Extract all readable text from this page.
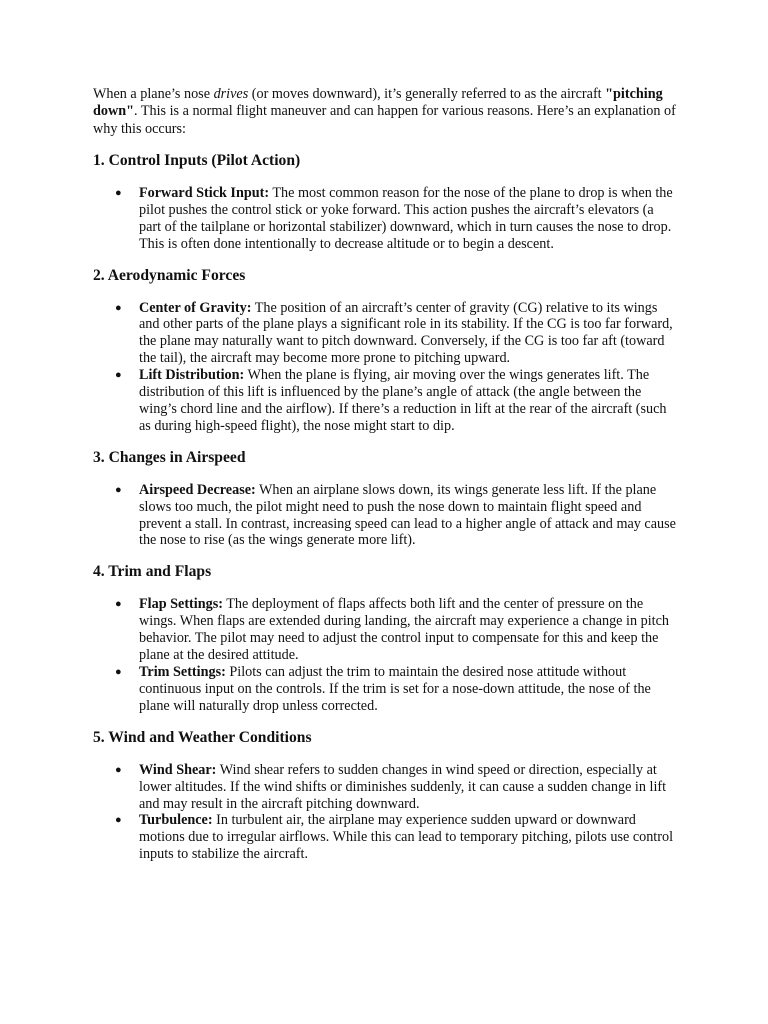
When a plane’s nose drives (or moves downward), it’s generally referred to as the aircraft "pitching down". This is a normal flight maneuver and can happen for various reasons. Here’s an explanation of why this occurs:

1. Control Inputs (Pilot Action)
● Forward Stick Input: The most common reason for the nose of the plane to drop is when the pilot pushes the control stick or yoke forward. This action pushes the aircraft’s elevators (a part of the tailplane or horizontal stabilizer) downward, which in turn causes the nose to drop. This is often done intentionally to decrease altitude or to begin a descent.
2. Aerodynamic Forces
● Center of Gravity: The position of an aircraft’s center of gravity (CG) relative to its wings and other parts of the plane plays a significant role in its stability. If the CG is too far forward, the plane may naturally want to pitch downward. Conversely, if the CG is too far aft (toward the tail), the aircraft may become more prone to pitching upward.
● Lift Distribution: When the plane is flying, air moving over the wings generates lift. The distribution of this lift is influenced by the plane’s angle of attack (the angle between the wing’s chord line and the airflow). If there’s a reduction in lift at the rear of the aircraft (such as during high-speed flight), the nose might start to dip.
3. Changes in Airspeed
● Airspeed Decrease: When an airplane slows down, its wings generate less lift. If the plane slows too much, the pilot might need to push the nose down to maintain flight speed and prevent a stall. In contrast, increasing speed can lead to a higher angle of attack and may cause the nose to rise (as the wings generate more lift).
4. Trim and Flaps
● Flap Settings: The deployment of flaps affects both lift and the center of pressure on the wings. When flaps are extended during landing, the aircraft may experience a change in pitch behavior. The pilot may need to adjust the control input to compensate for this and keep the plane at the desired attitude.
● Trim Settings: Pilots can adjust the trim to maintain the desired nose attitude without continuous input on the controls. If the trim is set for a nose-down attitude, the nose of the plane will naturally drop unless corrected.
5. Wind and Weather Conditions
● Wind Shear: Wind shear refers to sudden changes in wind speed or direction, especially at lower altitudes. If the wind shifts or diminishes suddenly, it can cause a sudden change in lift and may result in the aircraft pitching downward.
● Turbulence: In turbulent air, the airplane may experience sudden upward or downward motions due to irregular airflows. While this can lead to temporary pitching, pilots use control inputs to stabilize the aircraft.
